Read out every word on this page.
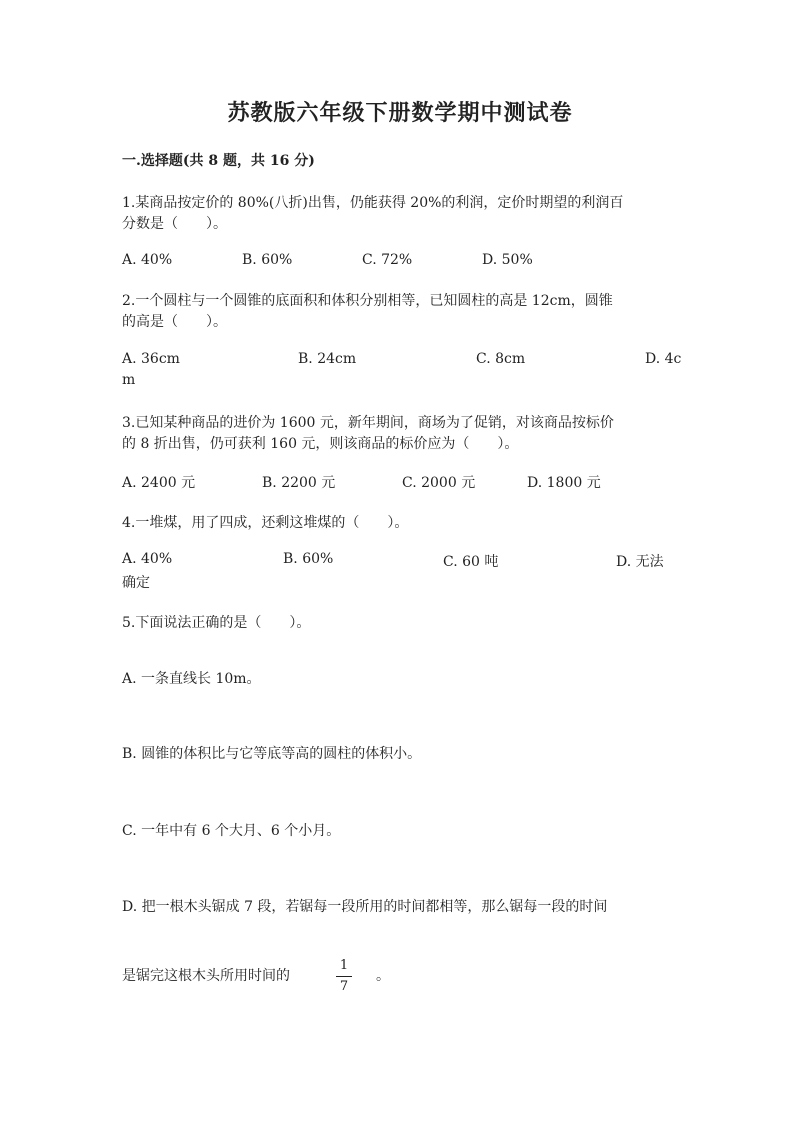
苏教版六年级下册数学期中测试卷
一.选择题(共 8 题，共 16 分)
1.某商品按定价的 80%(八折)出售，仍能获得 20%的利润，定价时期望的利润百
分数是（　　）。
A. 40%	B. 60%	C. 72%	D. 50%
2.一个圆柱与一个圆锥的底面积和体积分别相等，已知圆柱的高是 12cm，圆锥
的高是（　　）。
A. 36cm	B. 24cm	C. 8cm	D. 4c
m
3.已知某种商品的进价为 1600 元，新年期间，商场为了促销，对该商品按标价
的 8 折出售，仍可获利 160 元，则该商品的标价应为（　　）。
A. 2400 元	B. 2200 元	C. 2000 元	D. 1800 元
4.一堆煤，用了四成，还剩这堆煤的（　　）。
A. 40%	B. 60%	C. 60 吨	D. 无法
确定
5.下面说法正确的是（　　）。
A. 一条直线长 10m。
B. 圆锥的体积比与它等底等高的圆柱的体积小。
C. 一年中有 6 个大月、6 个小月。
D. 把一根木头锯成 7 段，若锯每一段所用的时间都相等，那么锯每一段的时间
是锯完这根木头所用时间的
1
7
。
